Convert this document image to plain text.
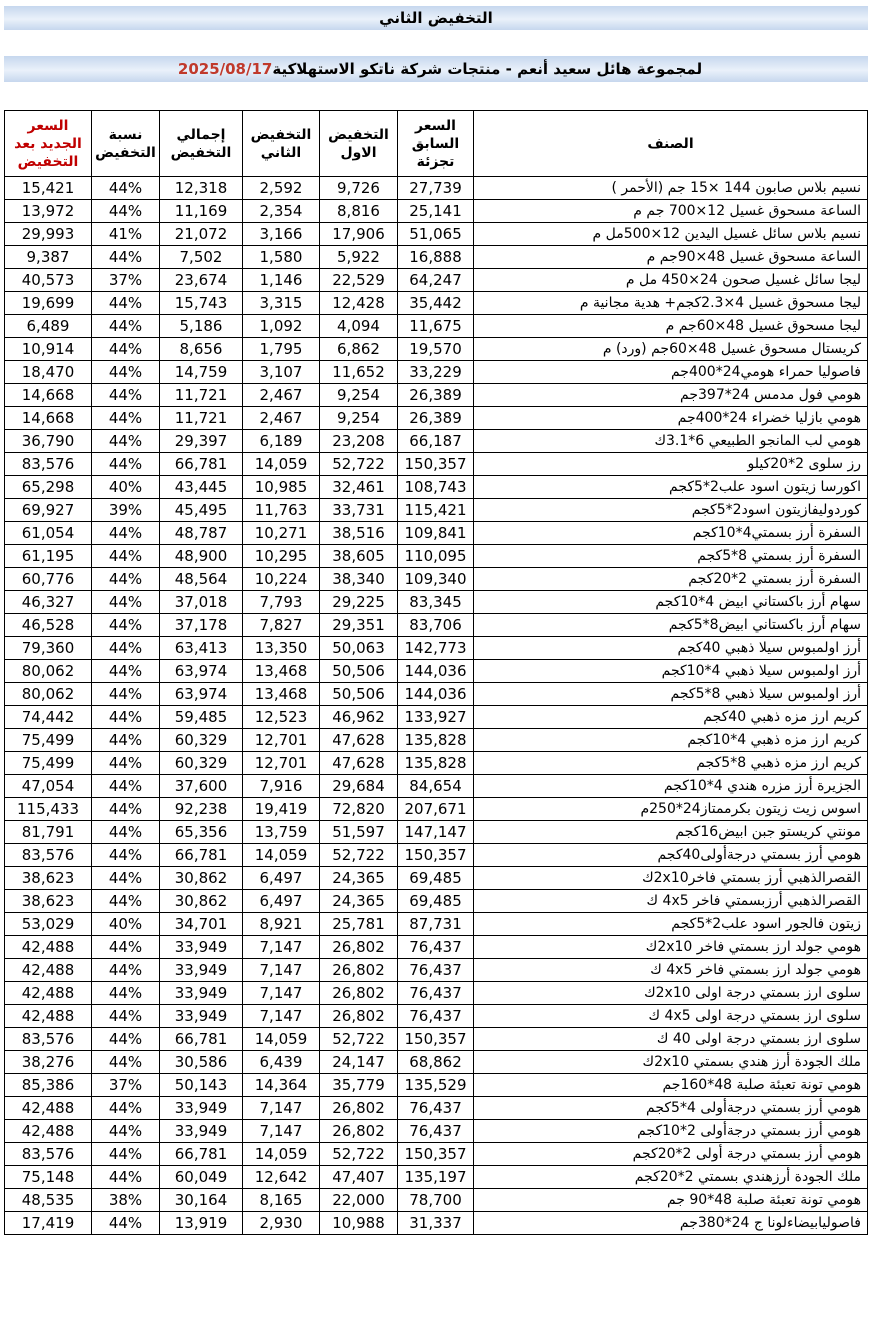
التخفيض الثاني
لمجموعة هائل سعيد أنعم - منتجات شركة ناتكو الاستهلاكية
2025/08/17
السعر الجديد بعد التخفيض	نسبة التخفيض	إجمالي التخفيض	التخفيض الثاني	التخفيض الاول	السعر السابق تجزئة	الصنف
15,421	44%	12,318	2,592	9,726	27,739	نسيم بلاس صابون 144 ×15 جم (الأحمر )
13,972	44%	11,169	2,354	8,816	25,141	الساعة مسحوق غسيل 12×700 جم م
29,993	41%	21,072	3,166	17,906	51,065	نسيم بلاس سائل غسيل اليدين 12×500مل م
9,387	44%	7,502	1,580	5,922	16,888	الساعة مسحوق غسيل 48×90جم م
40,573	37%	23,674	1,146	22,529	64,247	ليجا سائل غسيل صحون 24×450 مل م
19,699	44%	15,743	3,315	12,428	35,442	ليجا مسحوق غسيل 4×2.3كجم+ هدية مجانية م
6,489	44%	5,186	1,092	4,094	11,675	ليجا مسحوق غسيل 48×60جم م
10,914	44%	8,656	1,795	6,862	19,570	كريستال مسحوق غسيل 48×60جم (ورد) م
18,470	44%	14,759	3,107	11,652	33,229	فاصوليا حمراء هومي24*400جم
14,668	44%	11,721	2,467	9,254	26,389	هومي فول مدمس 24*397جم
14,668	44%	11,721	2,467	9,254	26,389	هومي بازليا خضراء 24*400جم
36,790	44%	29,397	6,189	23,208	66,187	هومي لب المانجو الطبيعي 6*3.1ك
83,576	44%	66,781	14,059	52,722	150,357	رز سلوى 2*20كيلو
65,298	40%	43,445	10,985	32,461	108,743	اكورسا زيتون اسود علب2*5كجم
69,927	39%	45,495	11,763	33,731	115,421	كوردوليفازيتون اسود2*5كجم
61,054	44%	48,787	10,271	38,516	109,841	السفرة أرز بسمتي4*10كجم
61,195	44%	48,900	10,295	38,605	110,095	السفرة أرز بسمتي 8*5كجم
60,776	44%	48,564	10,224	38,340	109,340	السفرة أرز بسمتي 2*20كجم
46,327	44%	37,018	7,793	29,225	83,345	سهام أرز باكستاني ابيض 4*10كجم
46,528	44%	37,178	7,827	29,351	83,706	سهام أرز باكستاني ابيض8*5كجم
79,360	44%	63,413	13,350	50,063	142,773	أرز اولمبوس سيلا ذهبي 40كجم
80,062	44%	63,974	13,468	50,506	144,036	أرز اولمبوس سيلا ذهبي 4*10كجم
80,062	44%	63,974	13,468	50,506	144,036	أرز اولمبوس سيلا ذهبي 8*5كجم
74,442	44%	59,485	12,523	46,962	133,927	كريم ارز مزه ذهبي 40كجم
75,499	44%	60,329	12,701	47,628	135,828	كريم ارز مزه ذهبي 4*10كجم
75,499	44%	60,329	12,701	47,628	135,828	كريم ارز مزه ذهبي 8*5كجم
47,054	44%	37,600	7,916	29,684	84,654	الجزيرة أرز مزره هندي 4*10كجم
115,433	44%	92,238	19,419	72,820	207,671	اسوس زيت زيتون بكرممتاز24*250م
81,791	44%	65,356	13,759	51,597	147,147	مونتي كريستو جبن ابيض16كجم
83,576	44%	66,781	14,059	52,722	150,357	هومي أرز بسمتي درجةأولى40كجم
38,623	44%	30,862	6,497	24,365	69,485	القصرالذهبي أرز بسمتي فاخر2x10ك
38,623	44%	30,862	6,497	24,365	69,485	القصرالذهبي أرزبسمتي فاخر 4x5 ك
53,029	40%	34,701	8,921	25,781	87,731	زيتون فالجور اسود علب2*5كجم
42,488	44%	33,949	7,147	26,802	76,437	هومي جولد ارز بسمتي فاخر 2x10ك
42,488	44%	33,949	7,147	26,802	76,437	هومي جولد ارز بسمتي فاخر 4x5 ك
42,488	44%	33,949	7,147	26,802	76,437	سلوى ارز بسمتي درجة اولى 2x10ك
42,488	44%	33,949	7,147	26,802	76,437	سلوى ارز بسمتي درجة اولى 4x5 ك
83,576	44%	66,781	14,059	52,722	150,357	سلوى ارز بسمتي درجة اولى 40 ك
38,276	44%	30,586	6,439	24,147	68,862	ملك الجودة أرز هندي بسمتي 2x10ك
85,386	37%	50,143	14,364	35,779	135,529	هومي تونة تعبئة صلبة 48*160جم
42,488	44%	33,949	7,147	26,802	76,437	هومي أرز بسمتي درجةأولى 4*5كجم
42,488	44%	33,949	7,147	26,802	76,437	هومي أرز بسمتي درجةأولى 2*10كجم
83,576	44%	66,781	14,059	52,722	150,357	هومي أرز بسمتي درجة أولى 2*20كجم
75,148	44%	60,049	12,642	47,407	135,197	ملك الجودة أرزهندي بسمتي 2*20كجم
48,535	38%	30,164	8,165	22,000	78,700	هومي تونة تعبئة صلبة 48*90 جم
17,419	44%	13,919	2,930	10,988	31,337	فاصوليابيضاءلونا ج 24*380جم
